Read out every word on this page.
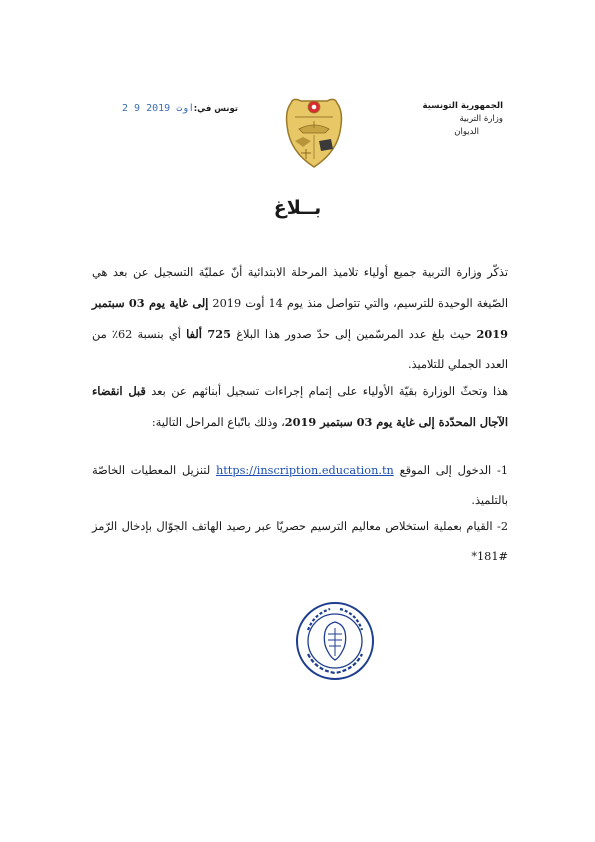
الجمهورية التونسية
وزارة التربية
الديوان
تونس في:
2 9 اوت 2019
بــلاغ
تذكّر وزارة التربية جميع أولياء تلاميذ المرحلة الابتدائية أنّ عمليّة التسجيل عن بعد هي الصّيغة الوحيدة للترسيم، والتي تتواصل منذ يوم 14 أوت 2019 إلى غاية يوم 03 سبتمبر 2019 حيث بلغ عدد المرسّمين إلى حدّ صدور هذا البلاغ 725 ألفا أي بنسبة 62٪ من العدد الجملي للتلاميذ.
هذا وتحثّ الوزارة بقيّة الأولياء على إتمام إجراءات تسجيل أبنائهم عن بعد قبل انقضاء الآجال المحدّدة إلى غاية يوم 03 سبتمبر 2019، وذلك باتّباع المراحل التالية:
1- الدخول إلى الموقع https://inscription.education.tn لتنزيل المعطيات الخاصّة بالتلميذ.
2- القيام بعملية استخلاص معاليم الترسيم حصريّا عبر رصيد الهاتف الجوّال بإدخال الرّمز #181*
